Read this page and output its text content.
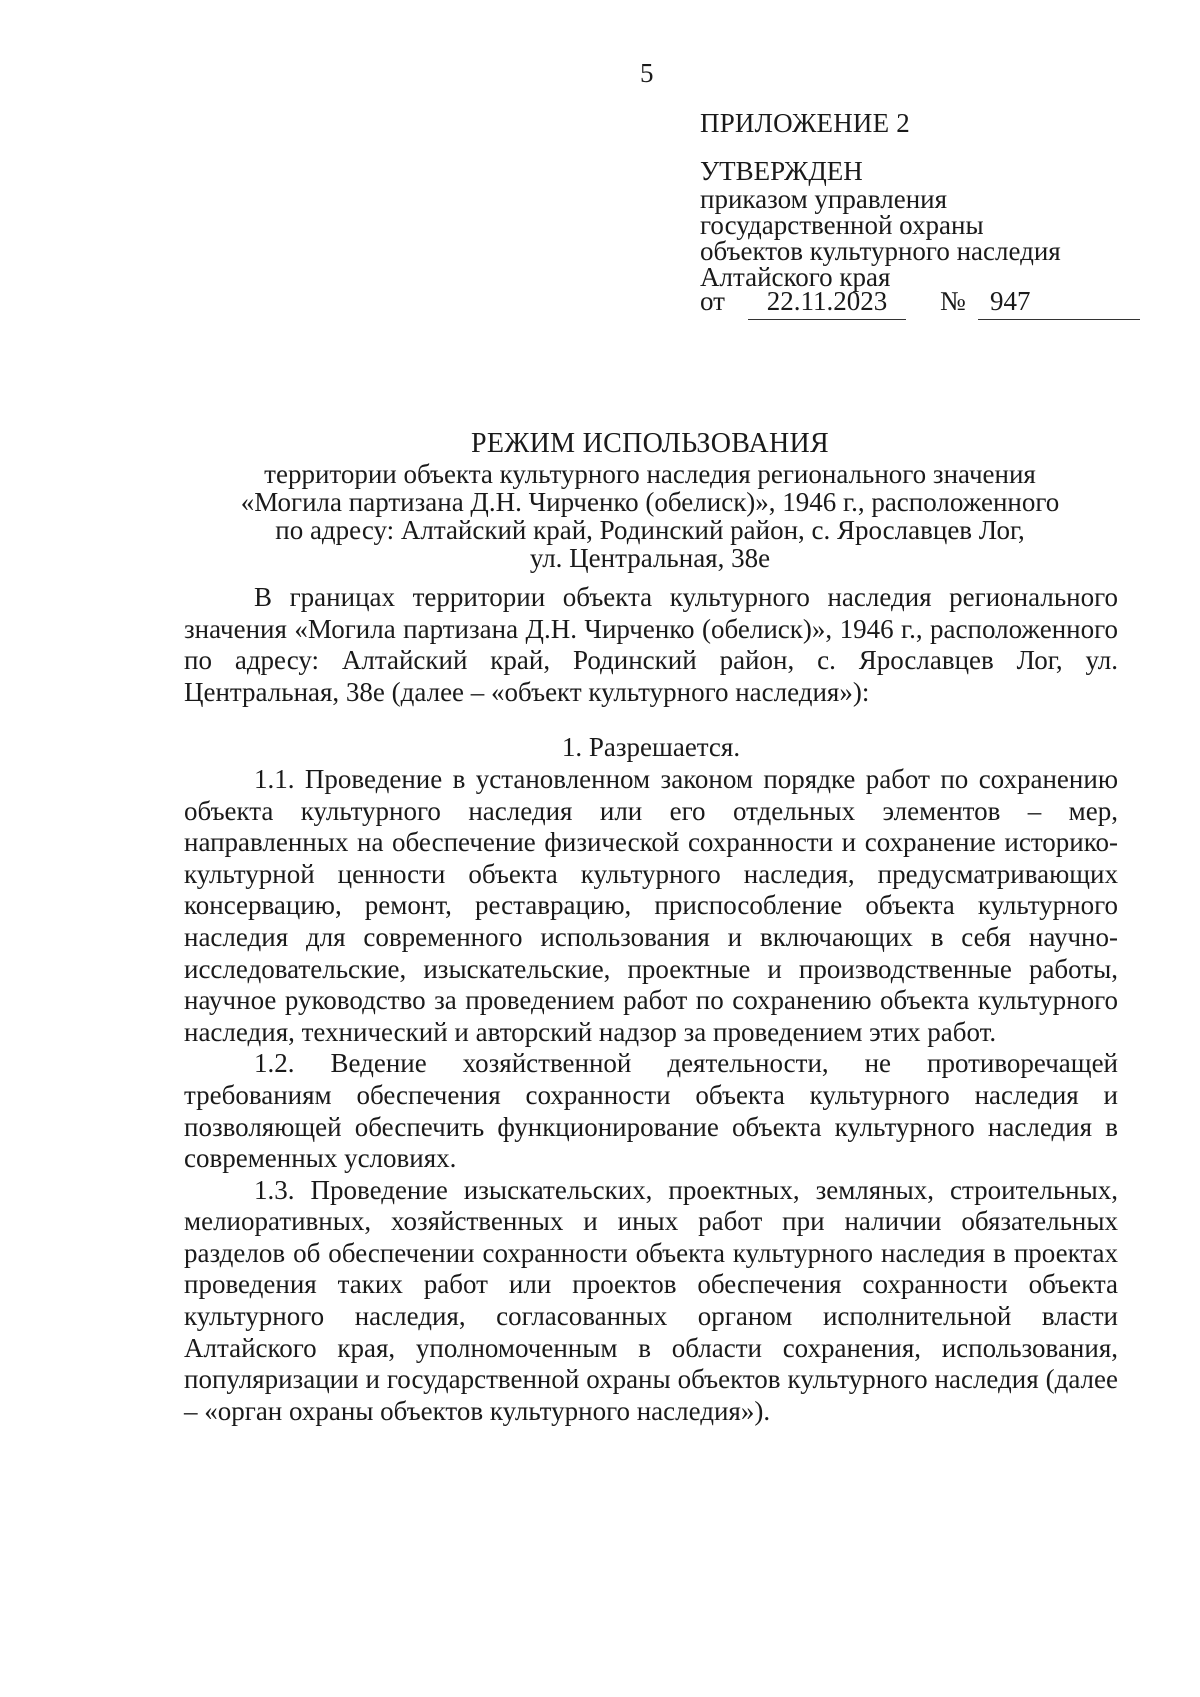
5
ПРИЛОЖЕНИЕ 2
УТВЕРЖДЕН
приказом управления
государственной охраны
объектов культурного наследия
Алтайского края
от	22.11.2023	№ 947
РЕЖИМ ИСПОЛЬЗОВАНИЯ
территории объекта культурного наследия регионального значения
«Могила партизана Д.Н. Чирченко (обелиск)», 1946 г., расположенного
по адресу: Алтайский край, Родинский район, с. Ярославцев Лог,
ул. Центральная, 38е

В границах территории объекта культурного наследия регионального значения «Могила партизана Д.Н. Чирченко (обелиск)», 1946 г., расположенного по адресу: Алтайский край, Родинский район, с. Ярославцев Лог, ул. Центральная, 38е (далее – «объект культурного наследия»):

1. Разрешается.

1.1. Проведение в установленном законом порядке работ по сохранению объекта культурного наследия или его отдельных элементов – мер, направленных на обеспечение физической сохранности и сохранение историко-культурной ценности объекта культурного наследия, предусматривающих консервацию, ремонт, реставрацию, приспособление объекта культурного наследия для современного использования и включающих в себя научно-исследовательские, изыскательские, проектные и производственные работы, научное руководство за проведением работ по сохранению объекта культурного наследия, технический и авторский надзор за проведением этих работ.

1.2. Ведение хозяйственной деятельности, не противоречащей требованиям обеспечения сохранности объекта культурного наследия и позволяющей обеспечить функционирование объекта культурного наследия в современных условиях.

1.3. Проведение изыскательских, проектных, земляных, строительных, мелиоративных, хозяйственных и иных работ при наличии обязательных разделов об обеспечении сохранности объекта культурного наследия в проектах проведения таких работ или проектов обеспечения сохранности объекта культурного наследия, согласованных органом исполнительной власти Алтайского края, уполномоченным в области сохранения, использования, популяризации и государственной охраны объектов культурного наследия (далее – «орган охраны объектов культурного наследия»).
